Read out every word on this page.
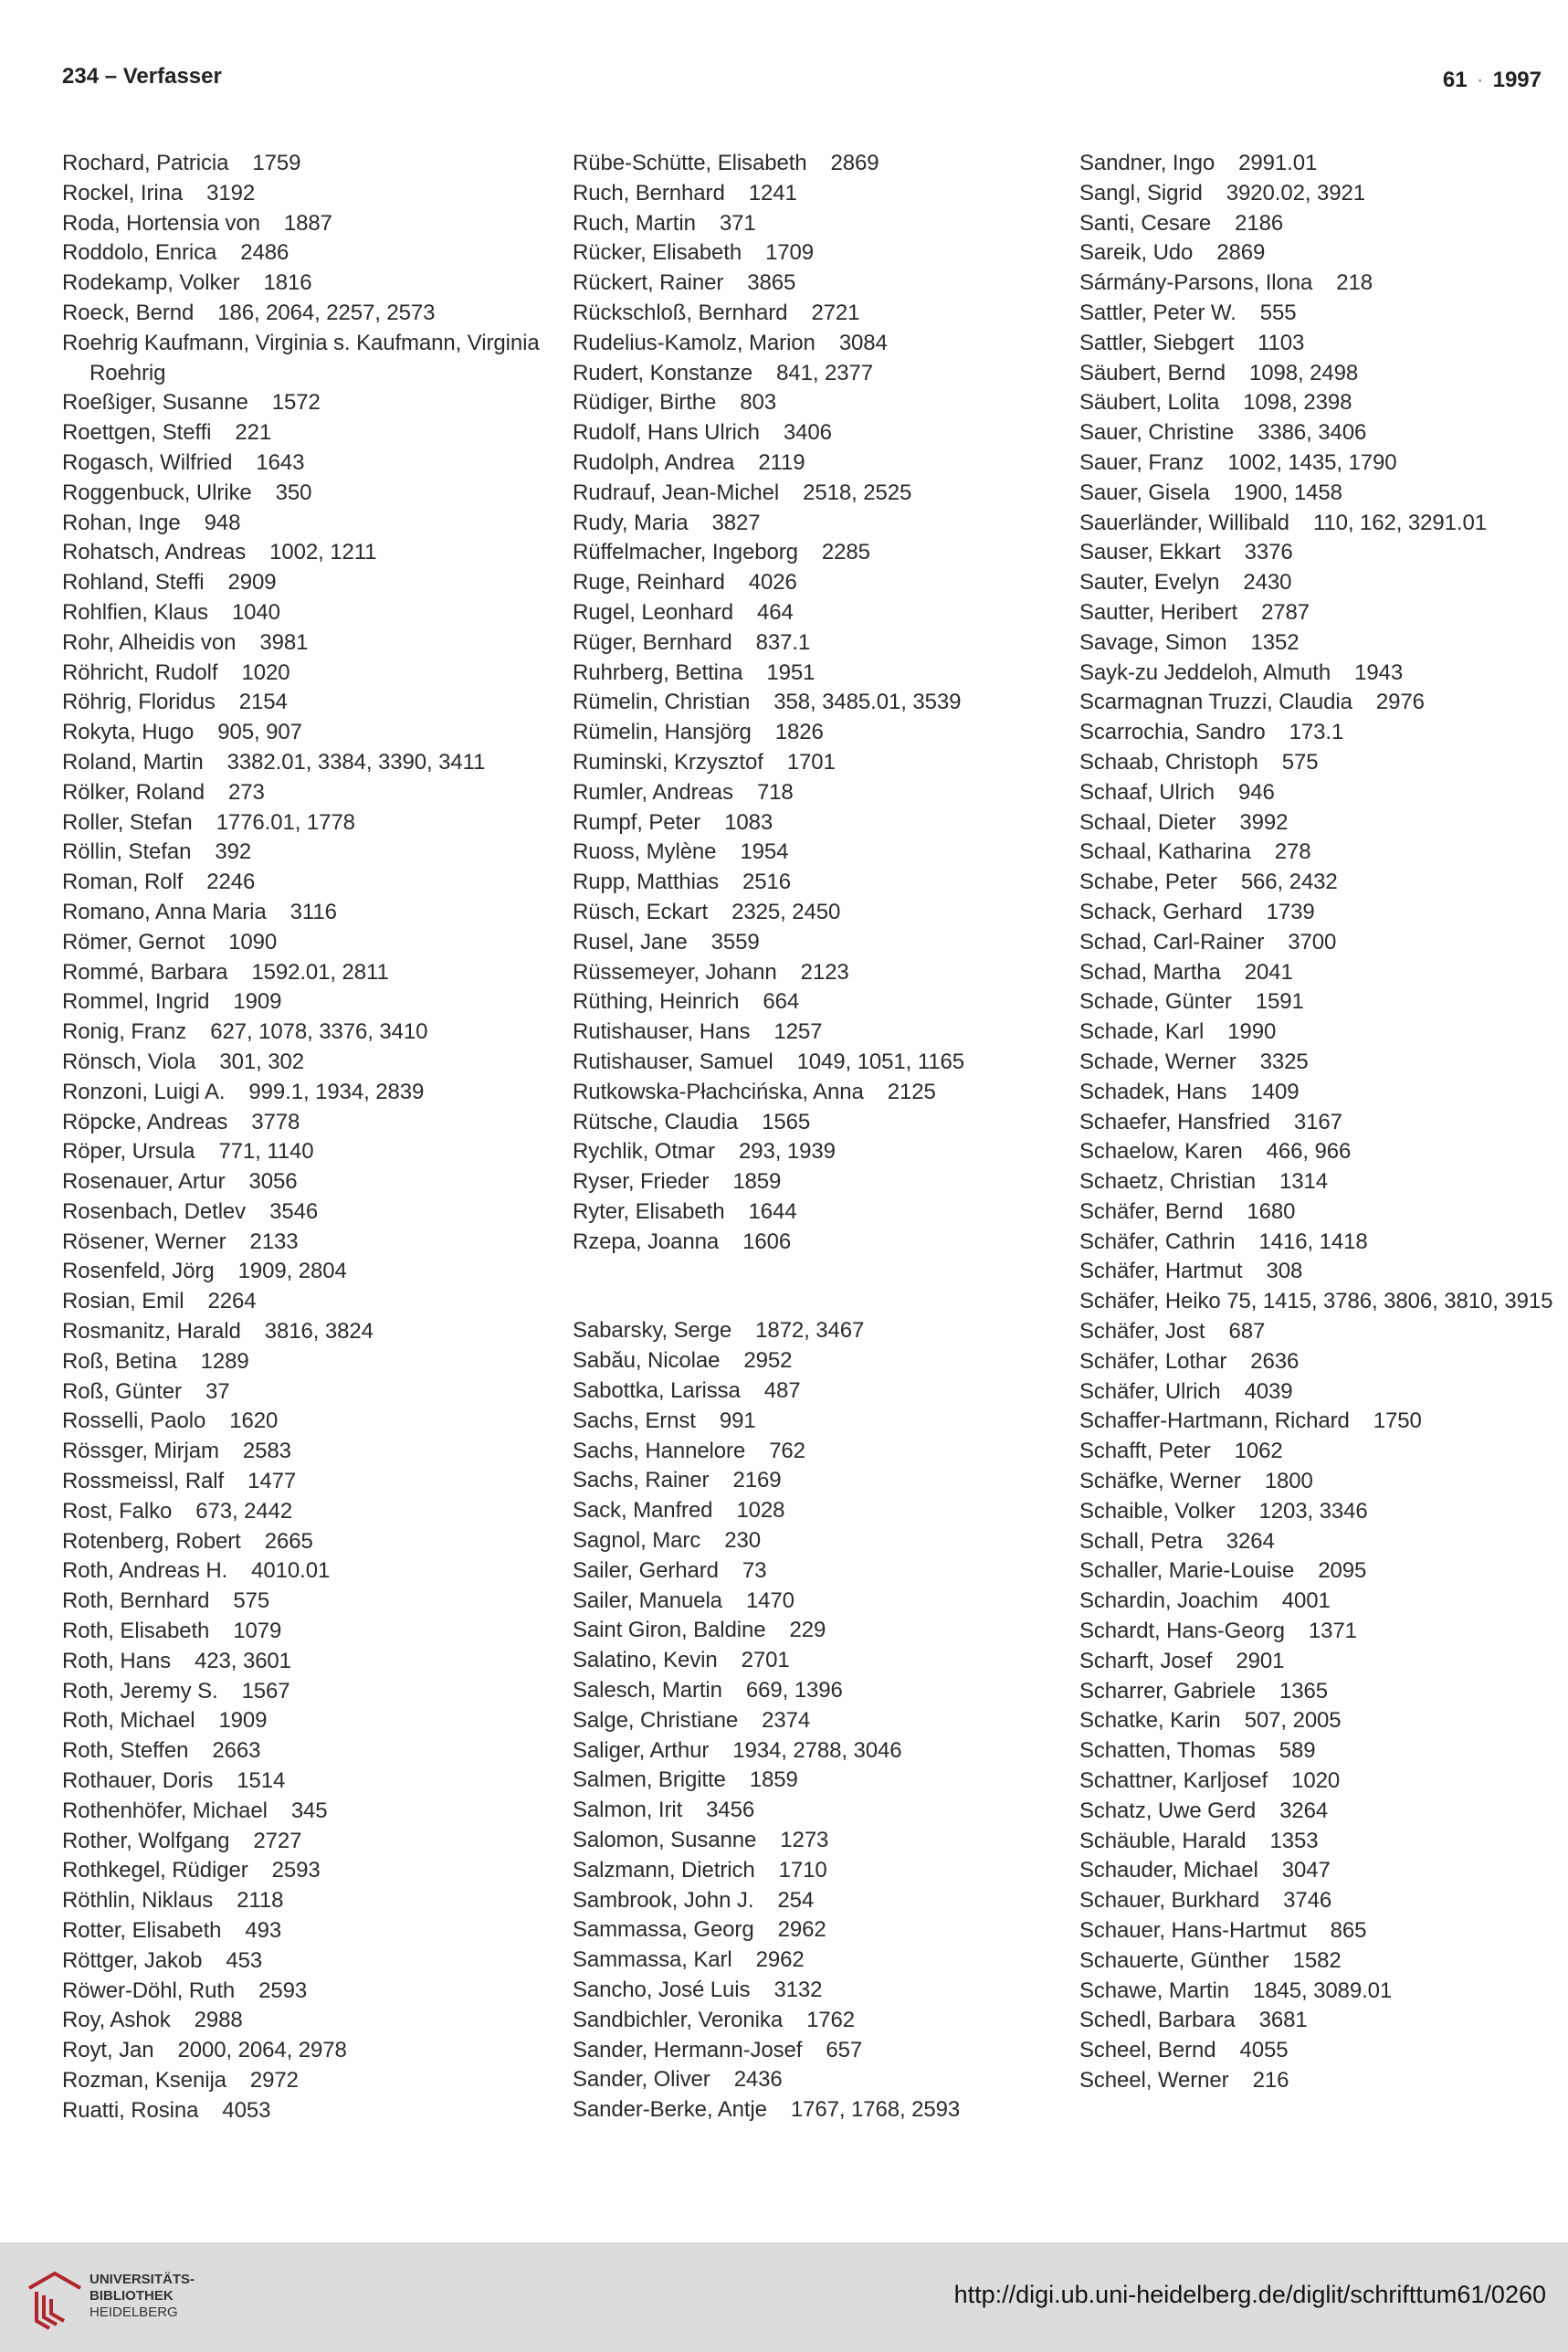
234 – Verfasser	61 · 1997
Rochard, Patricia 1759
Rockel, Irina 3192
Roda, Hortensia von 1887
Roddolo, Enrica 2486
Rodekamp, Volker 1816
Roeck, Bernd 186, 2064, 2257, 2573
Roehrig Kaufmann, Virginia s. Kaufmann, Virginia Roehrig
Roeßiger, Susanne 1572
Roettgen, Steffi 221
Rogasch, Wilfried 1643
Roggenbuck, Ulrike 350
Rohan, Inge 948
Rohatsch, Andreas 1002, 1211
Rohland, Steffi 2909
Rohlfien, Klaus 1040
Rohr, Alheidis von 3981
Röhricht, Rudolf 1020
Röhrig, Floridus 2154
Rokyta, Hugo 905, 907
Roland, Martin 3382.01, 3384, 3390, 3411
Rölker, Roland 273
Roller, Stefan 1776.01, 1778
Röllin, Stefan 392
Roman, Rolf 2246
Romano, Anna Maria 3116
Römer, Gernot 1090
Rommé, Barbara 1592.01, 2811
Rommel, Ingrid 1909
Ronig, Franz 627, 1078, 3376, 3410
Rönsch, Viola 301, 302
Ronzoni, Luigi A. 999.1, 1934, 2839
Röpcke, Andreas 3778
Röper, Ursula 771, 1140
Rosenauer, Artur 3056
Rosenbach, Detlev 3546
Rösener, Werner 2133
Rosenfeld, Jörg 1909, 2804
Rosian, Emil 2264
Rosmanitz, Harald 3816, 3824
Roß, Betina 1289
Roß, Günter 37
Rosselli, Paolo 1620
Rössger, Mirjam 2583
Rossmeissl, Ralf 1477
Rost, Falko 673, 2442
Rotenberg, Robert 2665
Roth, Andreas H. 4010.01
Roth, Bernhard 575
Roth, Elisabeth 1079
Roth, Hans 423, 3601
Roth, Jeremy S. 1567
Roth, Michael 1909
Roth, Steffen 2663
Rothauer, Doris 1514
Rothenhöfer, Michael 345
Rother, Wolfgang 2727
Rothkegel, Rüdiger 2593
Röthlin, Niklaus 2118
Rotter, Elisabeth 493
Röttger, Jakob 453
Röwer-Döhl, Ruth 2593
Roy, Ashok 2988
Royt, Jan 2000, 2064, 2978
Rozman, Ksenija 2972
Ruatti, Rosina 4053
Rübe-Schütte, Elisabeth 2869
Ruch, Bernhard 1241
Ruch, Martin 371
Rücker, Elisabeth 1709
Rückert, Rainer 3865
Rückschloß, Bernhard 2721
Rudelius-Kamolz, Marion 3084
Rudert, Konstanze 841, 2377
Rüdiger, Birthe 803
Rudolf, Hans Ulrich 3406
Rudolph, Andrea 2119
Rudrauf, Jean-Michel 2518, 2525
Rudy, Maria 3827
Rüffelmacher, Ingeborg 2285
Ruge, Reinhard 4026
Rugel, Leonhard 464
Rüger, Bernhard 837.1
Ruhrberg, Bettina 1951
Rümelin, Christian 358, 3485.01, 3539
Rümelin, Hansjörg 1826
Ruminski, Krzysztof 1701
Rumler, Andreas 718
Rumpf, Peter 1083
Ruoss, Mylène 1954
Rupp, Matthias 2516
Rüsch, Eckart 2325, 2450
Rusel, Jane 3559
Rüssemeyer, Johann 2123
Rüthing, Heinrich 664
Rutishauser, Hans 1257
Rutishauser, Samuel 1049, 1051, 1165
Rutkowska-Płachcińska, Anna 2125
Rütsche, Claudia 1565
Rychlik, Otmar 293, 1939
Ryser, Frieder 1859
Ryter, Elisabeth 1644
Rzepa, Joanna 1606
Sabarsky, Serge 1872, 3467
Sabău, Nicolae 2952
Sabottka, Larissa 487
Sachs, Ernst 991
Sachs, Hannelore 762
Sachs, Rainer 2169
Sack, Manfred 1028
Sagnol, Marc 230
Sailer, Gerhard 73
Sailer, Manuela 1470
Saint Giron, Baldine 229
Salatino, Kevin 2701
Salesch, Martin 669, 1396
Salge, Christiane 2374
Saliger, Arthur 1934, 2788, 3046
Salmen, Brigitte 1859
Salmon, Irit 3456
Salomon, Susanne 1273
Salzmann, Dietrich 1710
Sambrook, John J. 254
Sammassa, Georg 2962
Sammassa, Karl 2962
Sancho, José Luis 3132
Sandbichler, Veronika 1762
Sander, Hermann-Josef 657
Sander, Oliver 2436
Sander-Berke, Antje 1767, 1768, 2593
Sandner, Ingo 2991.01
Sangl, Sigrid 3920.02, 3921
Santi, Cesare 2186
Sareik, Udo 2869
Sármány-Parsons, Ilona 218
Sattler, Peter W. 555
Sattler, Siebgert 1103
Säubert, Bernd 1098, 2498
Säubert, Lolita 1098, 2398
Sauer, Christine 3386, 3406
Sauer, Franz 1002, 1435, 1790
Sauer, Gisela 1900, 1458
Sauerländer, Willibald 110, 162, 3291.01
Sauser, Ekkart 3376
Sauter, Evelyn 2430
Sautter, Heribert 2787
Savage, Simon 1352
Sayk-zu Jeddeloh, Almuth 1943
Scarmagnan Truzzi, Claudia 2976
Scarrochia, Sandro 173.1
Schaab, Christoph 575
Schaaf, Ulrich 946
Schaal, Dieter 3992
Schaal, Katharina 278
Schabe, Peter 566, 2432
Schack, Gerhard 1739
Schad, Carl-Rainer 3700
Schad, Martha 2041
Schade, Günter 1591
Schade, Karl 1990
Schade, Werner 3325
Schadek, Hans 1409
Schaefer, Hansfried 3167
Schaelow, Karen 466, 966
Schaetz, Christian 1314
Schäfer, Bernd 1680
Schäfer, Cathrin 1416, 1418
Schäfer, Hartmut 308
Schäfer, Heiko 75, 1415, 3786, 3806, 3810, 3915
Schäfer, Jost 687
Schäfer, Lothar 2636
Schäfer, Ulrich 4039
Schaffer-Hartmann, Richard 1750
Schafft, Peter 1062
Schäfke, Werner 1800
Schaible, Volker 1203, 3346
Schall, Petra 3264
Schaller, Marie-Louise 2095
Schardin, Joachim 4001
Schardt, Hans-Georg 1371
Scharft, Josef 2901
Scharrer, Gabriele 1365
Schatke, Karin 507, 2005
Schatten, Thomas 589
Schattner, Karljosef 1020
Schatz, Uwe Gerd 3264
Schäuble, Harald 1353
Schauder, Michael 3047
Schauer, Burkhard 3746
Schauer, Hans-Hartmut 865
Schauerte, Günther 1582
Schawe, Martin 1845, 3089.01
Schedl, Barbara 3681
Scheel, Bernd 4055
Scheel, Werner 216
UNIVERSITÄTS-
BIBLIOTHEK
HEIDELBERG
http://digi.ub.uni-heidelberg.de/diglit/schrifttum61/0260
